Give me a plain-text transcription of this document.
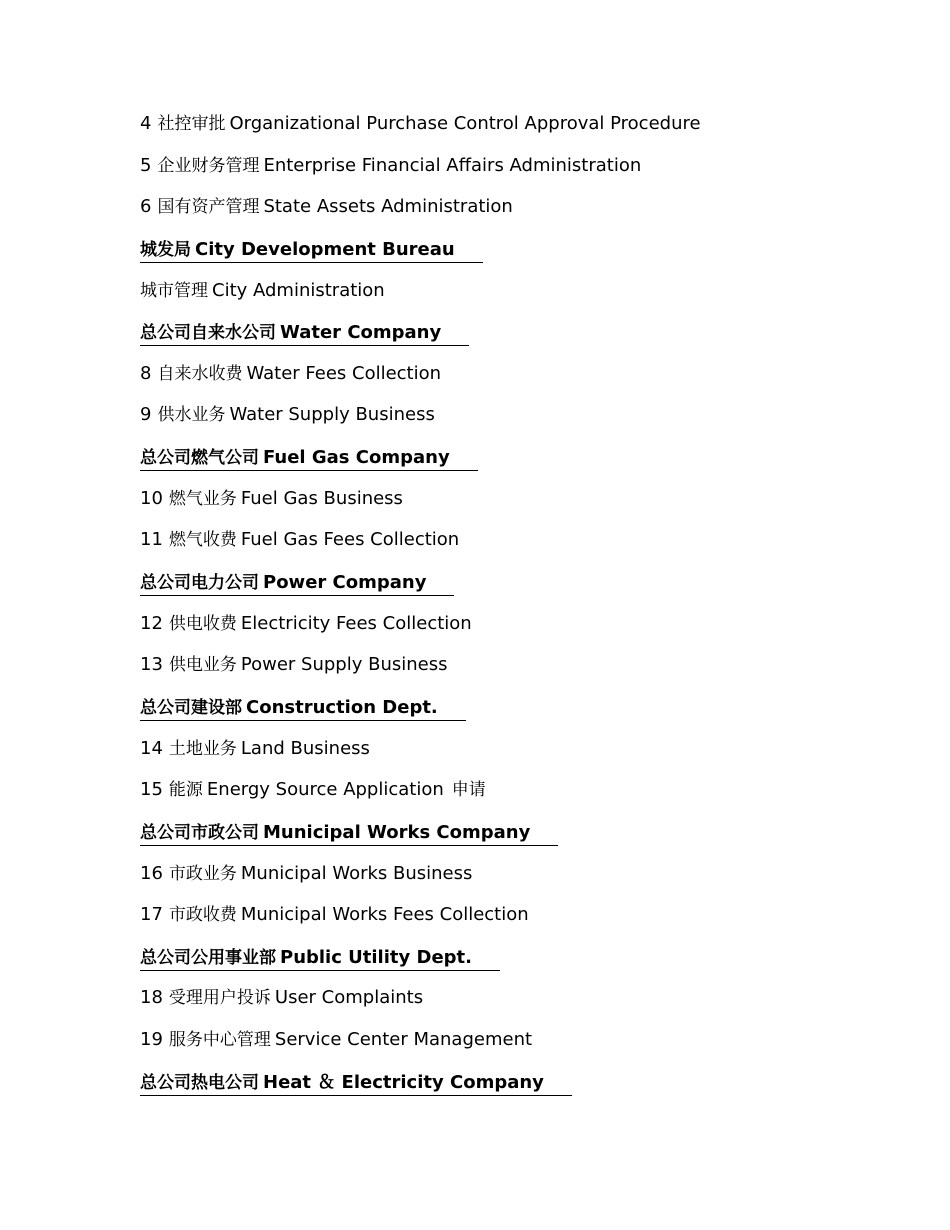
4 社控审批 Organizational Purchase Control Approval Procedure
5 企业财务管理 Enterprise Financial Affairs Administration
6 国有资产管理 State Assets Administration
城发局 City Development Bureau
城市管理 City Administration
总公司自来水公司 Water Company
8 自来水收费 Water Fees Collection
9 供水业务 Water Supply Business
总公司燃气公司 Fuel Gas Company
10 燃气业务 Fuel Gas Business
11 燃气收费 Fuel Gas Fees Collection
总公司电力公司 Power Company
12 供电收费 Electricity Fees Collection
13 供电业务 Power Supply Business
总公司建设部 Construction Dept.
14 土地业务 Land Business
15 能源 Energy Source Application 申请
总公司市政公司 Municipal Works Company
16 市政业务 Municipal Works Business
17 市政收费 Municipal Works Fees Collection
总公司公用事业部 Public Utility Dept.
18 受理用户投诉 User Complaints
19 服务中心管理 Service Center Management
总公司热电公司 Heat ＆ Electricity Company
